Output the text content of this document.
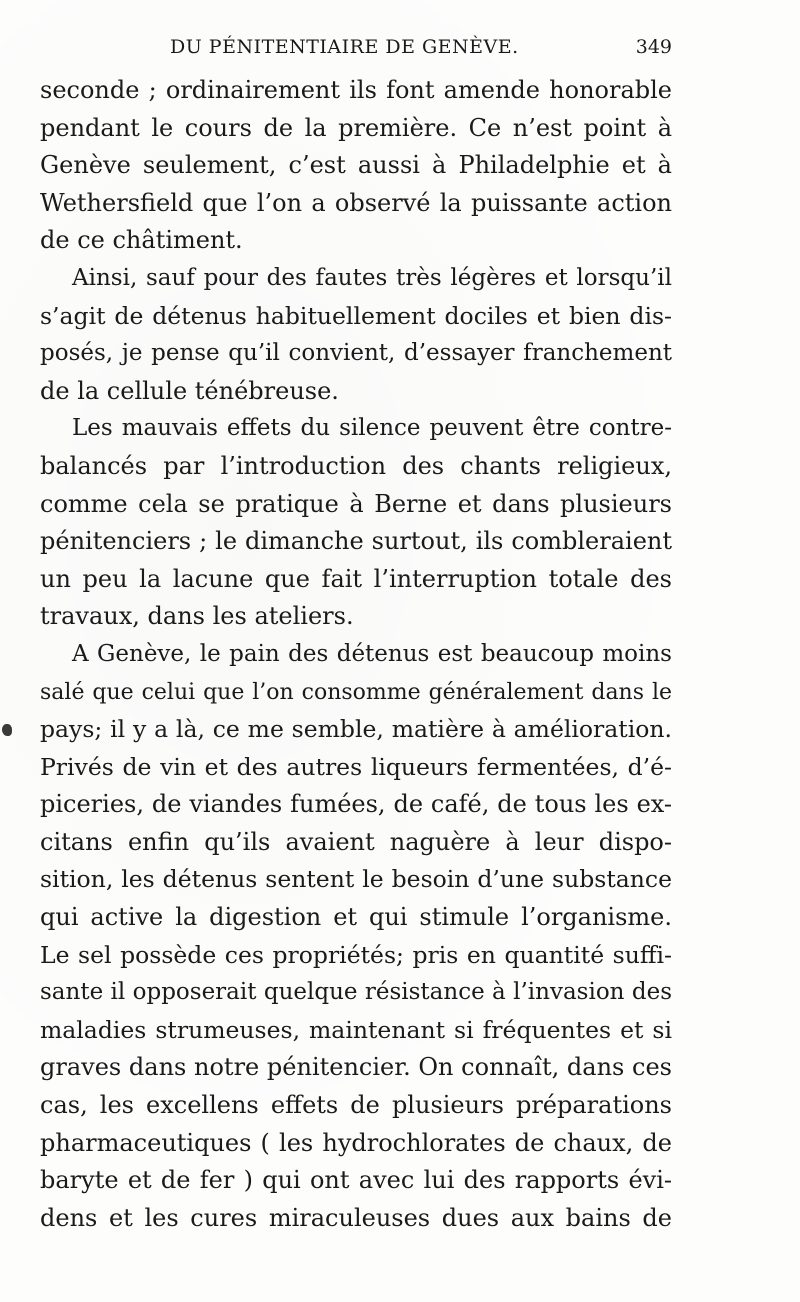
DU PÉNITENTIAIRE DE GENÈVE.	349
seconde ; ordinairement ils font amende honorable
pendant le cours de la première. Ce n’est point à
Genève seulement, c’est aussi à Philadelphie et à
Wethersfield que l’on a observé la puissante action
de ce châtiment.
Ainsi, sauf pour des fautes très légères et lorsqu’il
s’agit de détenus habituellement dociles et bien dis-
posés, je pense qu’il convient, d’essayer franchement
de la cellule ténébreuse.
Les mauvais effets du silence peuvent être contre-
balancés par l’introduction des chants religieux,
comme cela se pratique à Berne et dans plusieurs
pénitenciers ; le dimanche surtout, ils combleraient
un peu la lacune que fait l’interruption totale des
travaux, dans les ateliers.
A Genève, le pain des détenus est beaucoup moins
salé que celui que l’on consomme généralement dans le
pays; il y a là, ce me semble, matière à amélioration.
Privés de vin et des autres liqueurs fermentées, d’é-
piceries, de viandes fumées, de café, de tous les ex-
citans enfin qu’ils avaient naguère à leur dispo-
sition, les détenus sentent le besoin d’une substance
qui active la digestion et qui stimule l’organisme.
Le sel possède ces propriétés; pris en quantité suffi-
sante il opposerait quelque résistance à l’invasion des
maladies strumeuses, maintenant si fréquentes et si
graves dans notre pénitencier. On connaît, dans ces
cas, les excellens effets de plusieurs préparations
pharmaceutiques ( les hydrochlorates de chaux, de
baryte et de fer ) qui ont avec lui des rapports évi-
dens et les cures miraculeuses dues aux bains de
